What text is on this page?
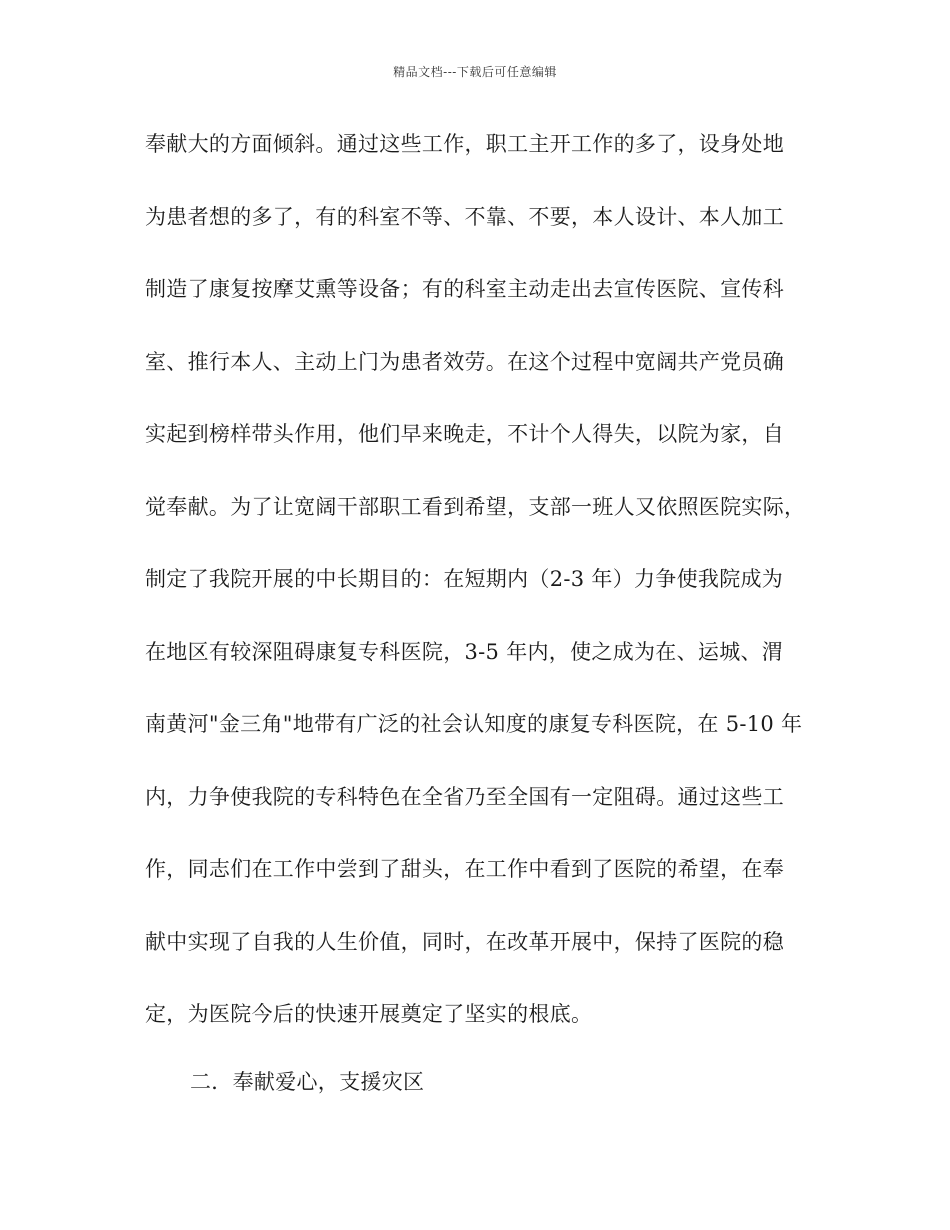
精品文档---下载后可任意编辑
奉献大的方面倾斜。通过这些工作，职工主开工作的多了，设身处地
为患者想的多了，有的科室不等、不靠、不要，本人设计、本人加工
制造了康复按摩艾熏等设备；有的科室主动走出去宣传医院、宣传科
室、推行本人、主动上门为患者效劳。在这个过程中宽阔共产党员确
实起到榜样带头作用，他们早来晚走，不计个人得失，以院为家，自
觉奉献。为了让宽阔干部职工看到希望，支部一班人又依照医院实际，
制定了我院开展的中长期目的：在短期内（2-3 年）力争使我院成为
在地区有较深阻碍康复专科医院，3-5 年内，使之成为在、运城、渭
南黄河"金三角"地带有广泛的社会认知度的康复专科医院，在 5-10 年
内，力争使我院的专科特色在全省乃至全国有一定阻碍。通过这些工
作，同志们在工作中尝到了甜头，在工作中看到了医院的希望，在奉
献中实现了自我的人生价值，同时，在改革开展中，保持了医院的稳
定，为医院今后的快速开展奠定了坚实的根底。
二．奉献爱心，支援灾区
